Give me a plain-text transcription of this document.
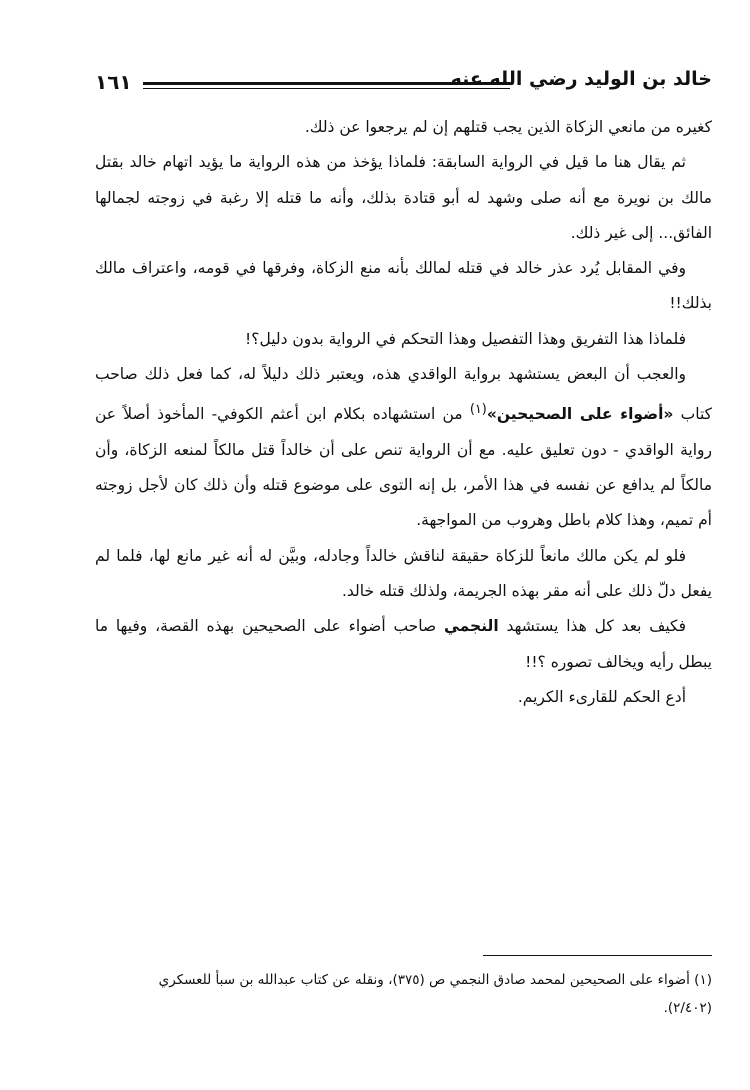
١٦١	خالد بن الوليد رضي الله عنه

كغيره من مانعي الزكاة الذين يجب قتلهم إن لم يرجعوا عن ذلك.

ثم يقال هنا ما قيل في الرواية السابقة: فلماذا يؤخذ من هذه الرواية ما يؤيد اتهام خالد بقتل مالك بن نويرة مع أنه صلى وشهد له أبو قتادة بذلك، وأنه ما قتله إلا رغبة في زوجته لجمالها الفائق... إلى غير ذلك.

وفي المقابل يُرد عذر خالد في قتله لمالك بأنه منع الزكاة، وفرقها في قومه، واعتراف مالك بذلك!!

فلماذا هذا التفريق وهذا التفصيل وهذا التحكم في الرواية بدون دليل؟!

والعجب أن البعض يستشهد برواية الواقدي هذه، ويعتبر ذلك دليلاً له، كما فعل ذلك صاحب كتاب «أضواء على الصحيحين»$^{(١)}$ من استشهاده بكلام ابن أعثم الكوفي- المأخوذ أصلاً عن رواية الواقدي - دون تعليق عليه. مع أن الرواية تنص على أن خالداً قتل مالكاً لمنعه الزكاة، وأن مالكاً لم يدافع عن نفسه في هذا الأمر، بل إنه التوى على موضوع قتله وأن ذلك كان لأجل زوجته أم تميم، وهذا كلام باطل وهروب من المواجهة.

فلو لم يكن مالك مانعاً للزكاة حقيقة لناقش خالداً وجادله، وبيَّن له أنه غير مانع لها، فلما لم يفعل دلّ ذلك على أنه مقر بهذه الجريمة، ولذلك قتله خالد.

فكيف بعد كل هذا يستشهد النجمي صاحب أضواء على الصحيحين بهذه القصة، وفيها ما يبطل رأيه ويخالف تصوره ؟!!

أدع الحكم للقارىء الكريم.

(١) أضواء على الصحيحين لمحمد صادق النجمي ص (٣٧٥)، ونقله عن كتاب عبدالله بن سبأ للعسكري

(٢/٤٠٢).
